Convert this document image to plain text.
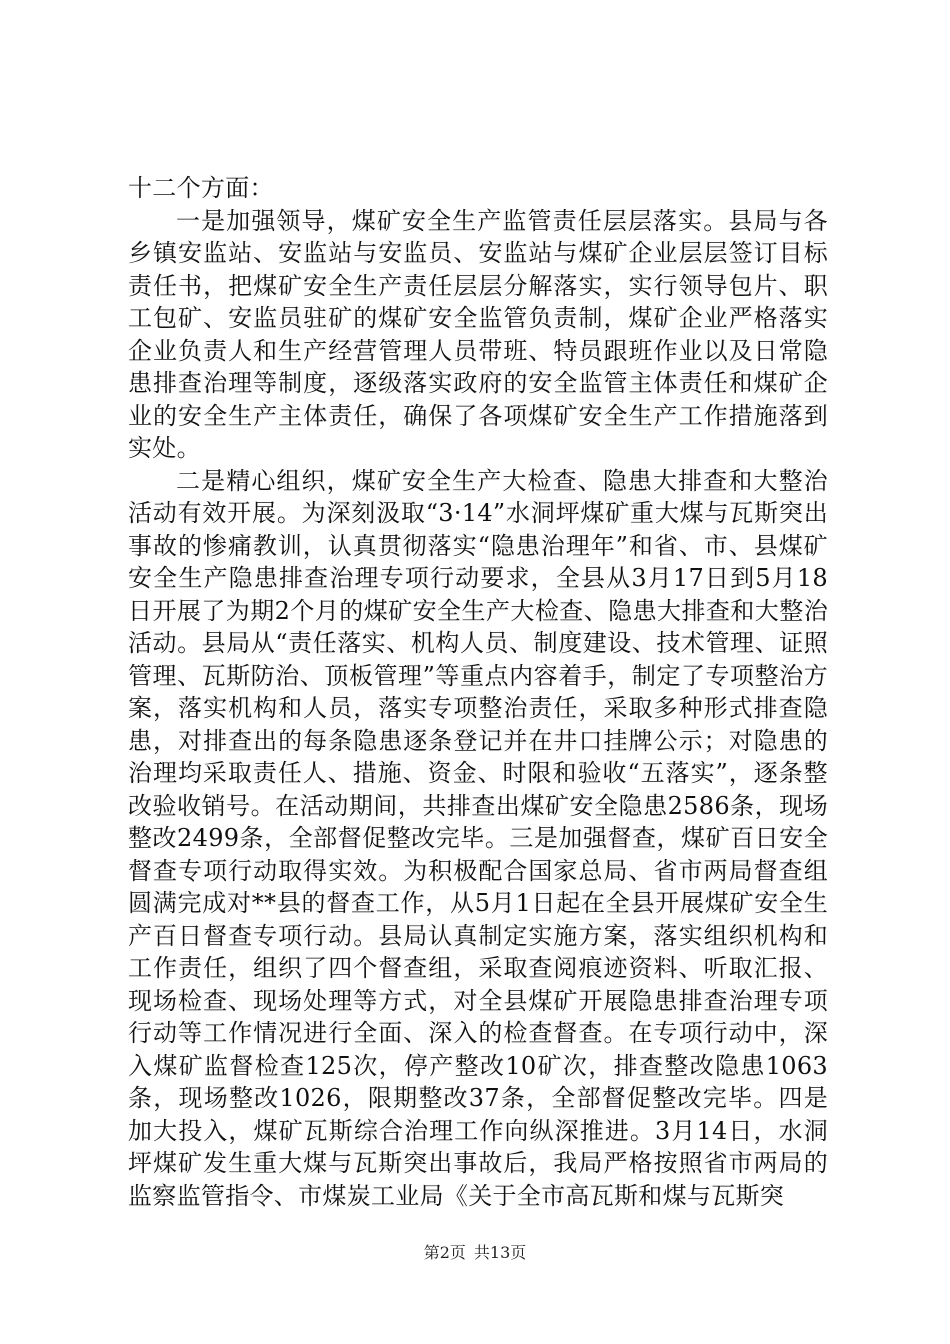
十二个方面：

一是加强领导，煤矿安全生产监管责任层层落实。县局与各乡镇安监站、安监站与安监员、安监站与煤矿企业层层签订目标责任书，把煤矿安全生产责任层层分解落实，实行领导包片、职工包矿、安监员驻矿的煤矿安全监管负责制，煤矿企业严格落实企业负责人和生产经营管理人员带班、特员跟班作业以及日常隐患排查治理等制度，逐级落实政府的安全监管主体责任和煤矿企业的安全生产主体责任，确保了各项煤矿安全生产工作措施落到实处。

二是精心组织，煤矿安全生产大检查、隐患大排查和大整治活动有效开展。为深刻汲取“3·14”水洞坪煤矿重大煤与瓦斯突出事故的惨痛教训，认真贯彻落实“隐患治理年”和省、市、县煤矿安全生产隐患排查治理专项行动要求，全县从3月17日到5月18日开展了为期2个月的煤矿安全生产大检查、隐患大排查和大整治活动。县局从“责任落实、机构人员、制度建设、技术管理、证照管理、瓦斯防治、顶板管理”等重点内容着手，制定了专项整治方案，落实机构和人员，落实专项整治责任，采取多种形式排查隐患，对排查出的每条隐患逐条登记并在井口挂牌公示；对隐患的治理均采取责任人、措施、资金、时限和验收“五落实”，逐条整改验收销号。在活动期间，共排查出煤矿安全隐患2586条，现场整改2499条，全部督促整改完毕。三是加强督查，煤矿百日安全督查专项行动取得实效。为积极配合国家总局、省市两局督查组圆满完成对**县的督查工作，从5月1日起在全县开展煤矿安全生产百日督查专项行动。县局认真制定实施方案，落实组织机构和工作责任，组织了四个督查组，采取查阅痕迹资料、听取汇报、现场检查、现场处理等方式，对全县煤矿开展隐患排查治理专项行动等工作情况进行全面、深入的检查督查。在专项行动中，深入煤矿监督检查125次，停产整改10矿次，排查整改隐患1063条，现场整改1026，限期整改37条，全部督促整改完毕。四是加大投入，煤矿瓦斯综合治理工作向纵深推进。3月14日，水洞坪煤矿发生重大煤与瓦斯突出事故后，我局严格按照省市两局的监察监管指令、市煤炭工业局《关于全市高瓦斯和煤与瓦斯突

第2页 共13页
